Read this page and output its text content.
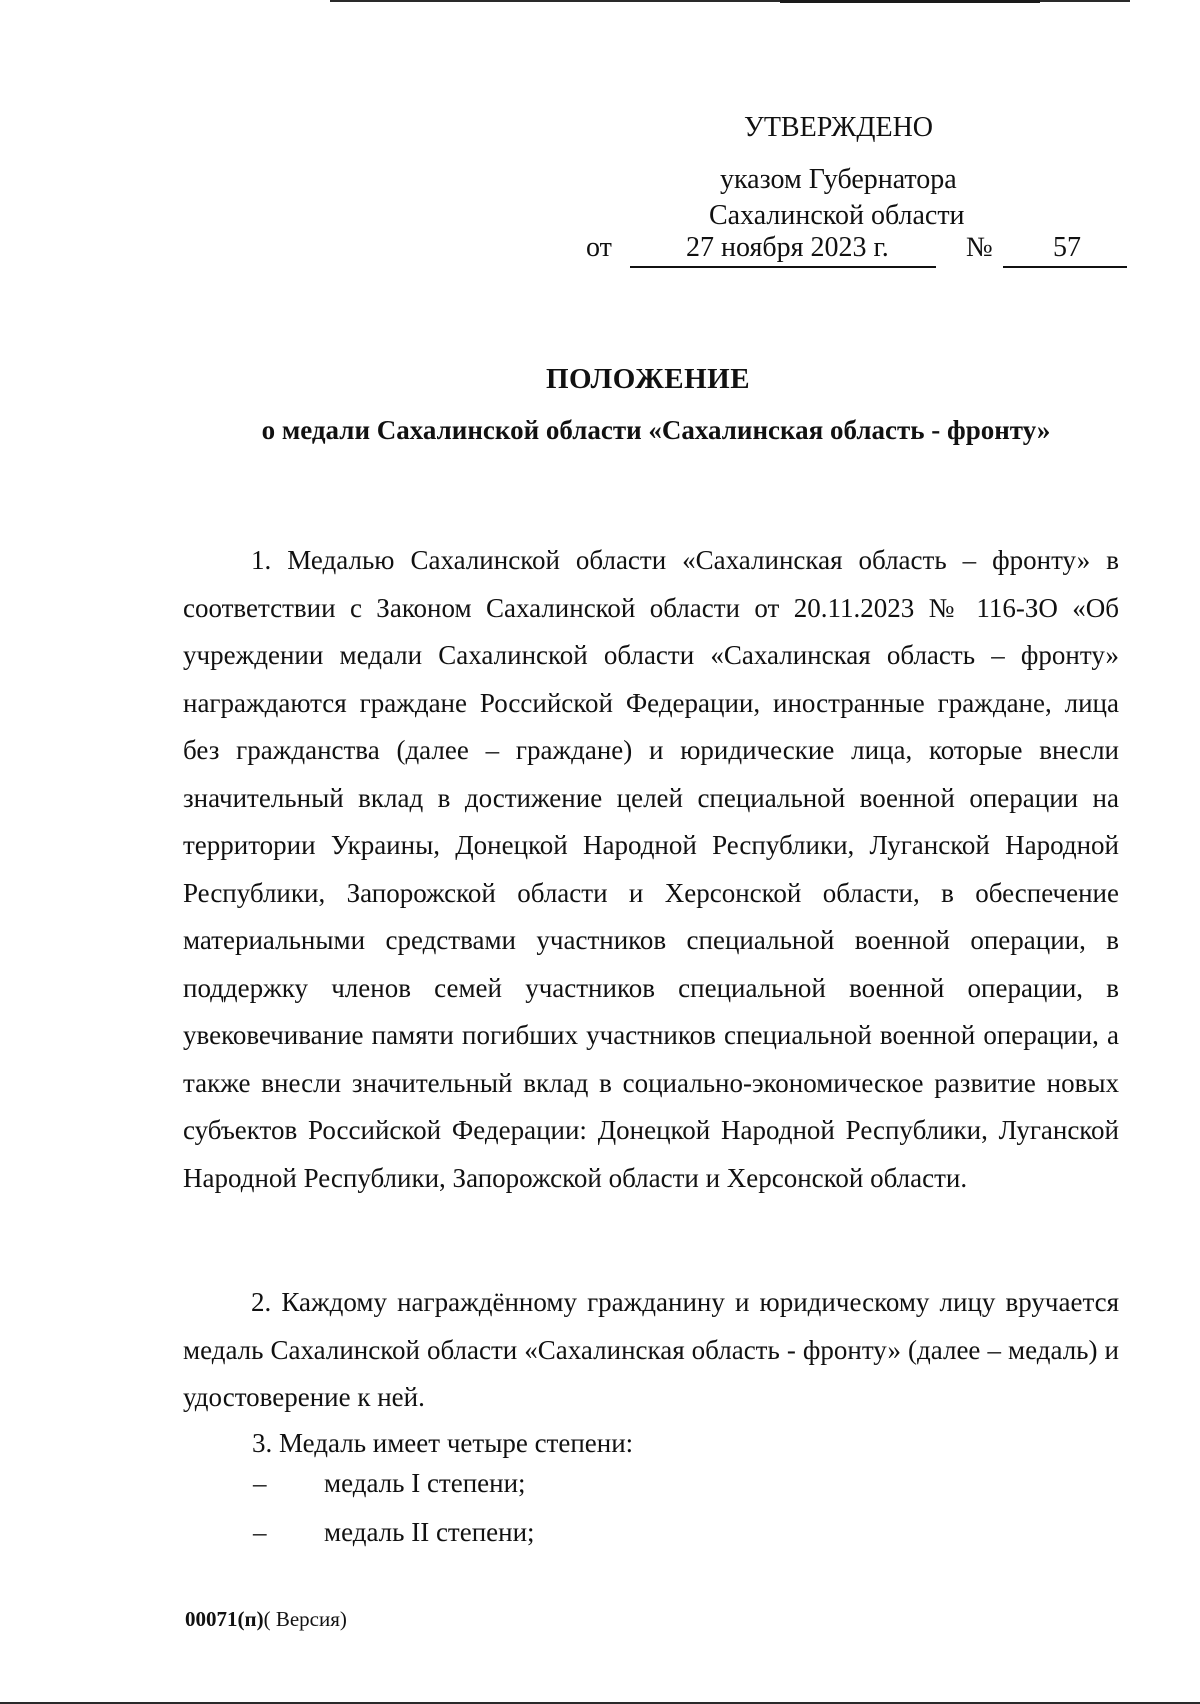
УТВЕРЖДЕНО
указом Губернатора
Сахалинской области
от	27 ноября 2023 г.	№ 57
ПОЛОЖЕНИЕ
о медали Сахалинской области «Сахалинская область - фронту»

1. Медалью Сахалинской области «Сахалинская область – фронту» в соответствии с Законом Сахалинской области от 20.11.2023 № 116-ЗО «Об учреждении медали Сахалинской области «Сахалинская область – фронту» награждаются граждане Российской Федерации, иностранные граждане, лица без гражданства (далее – граждане) и юридические лица, которые внесли значительный вклад в достижение целей специальной военной операции на территории Украины, Донецкой Народной Республики, Луганской Народной Республики, Запорожской области и Херсонской области, в обеспечение материальными средствами участников специальной военной операции, в поддержку членов семей участников специальной военной операции, в увековечивание памяти погибших участников специальной военной операции, а также внесли значительный вклад в социально-экономическое развитие новых субъектов Российской Федерации: Донецкой Народной Республики, Луганской Народной Республики, Запорожской области и Херсонской области.

2. Каждому награждённому гражданину и юридическому лицу вручается медаль Сахалинской области «Сахалинская область - фронту» (далее – медаль) и удостоверение к ней.

3. Медаль имеет четыре степени:
– медаль I степени;
– медаль II степени;
00071(п)( Версия)
